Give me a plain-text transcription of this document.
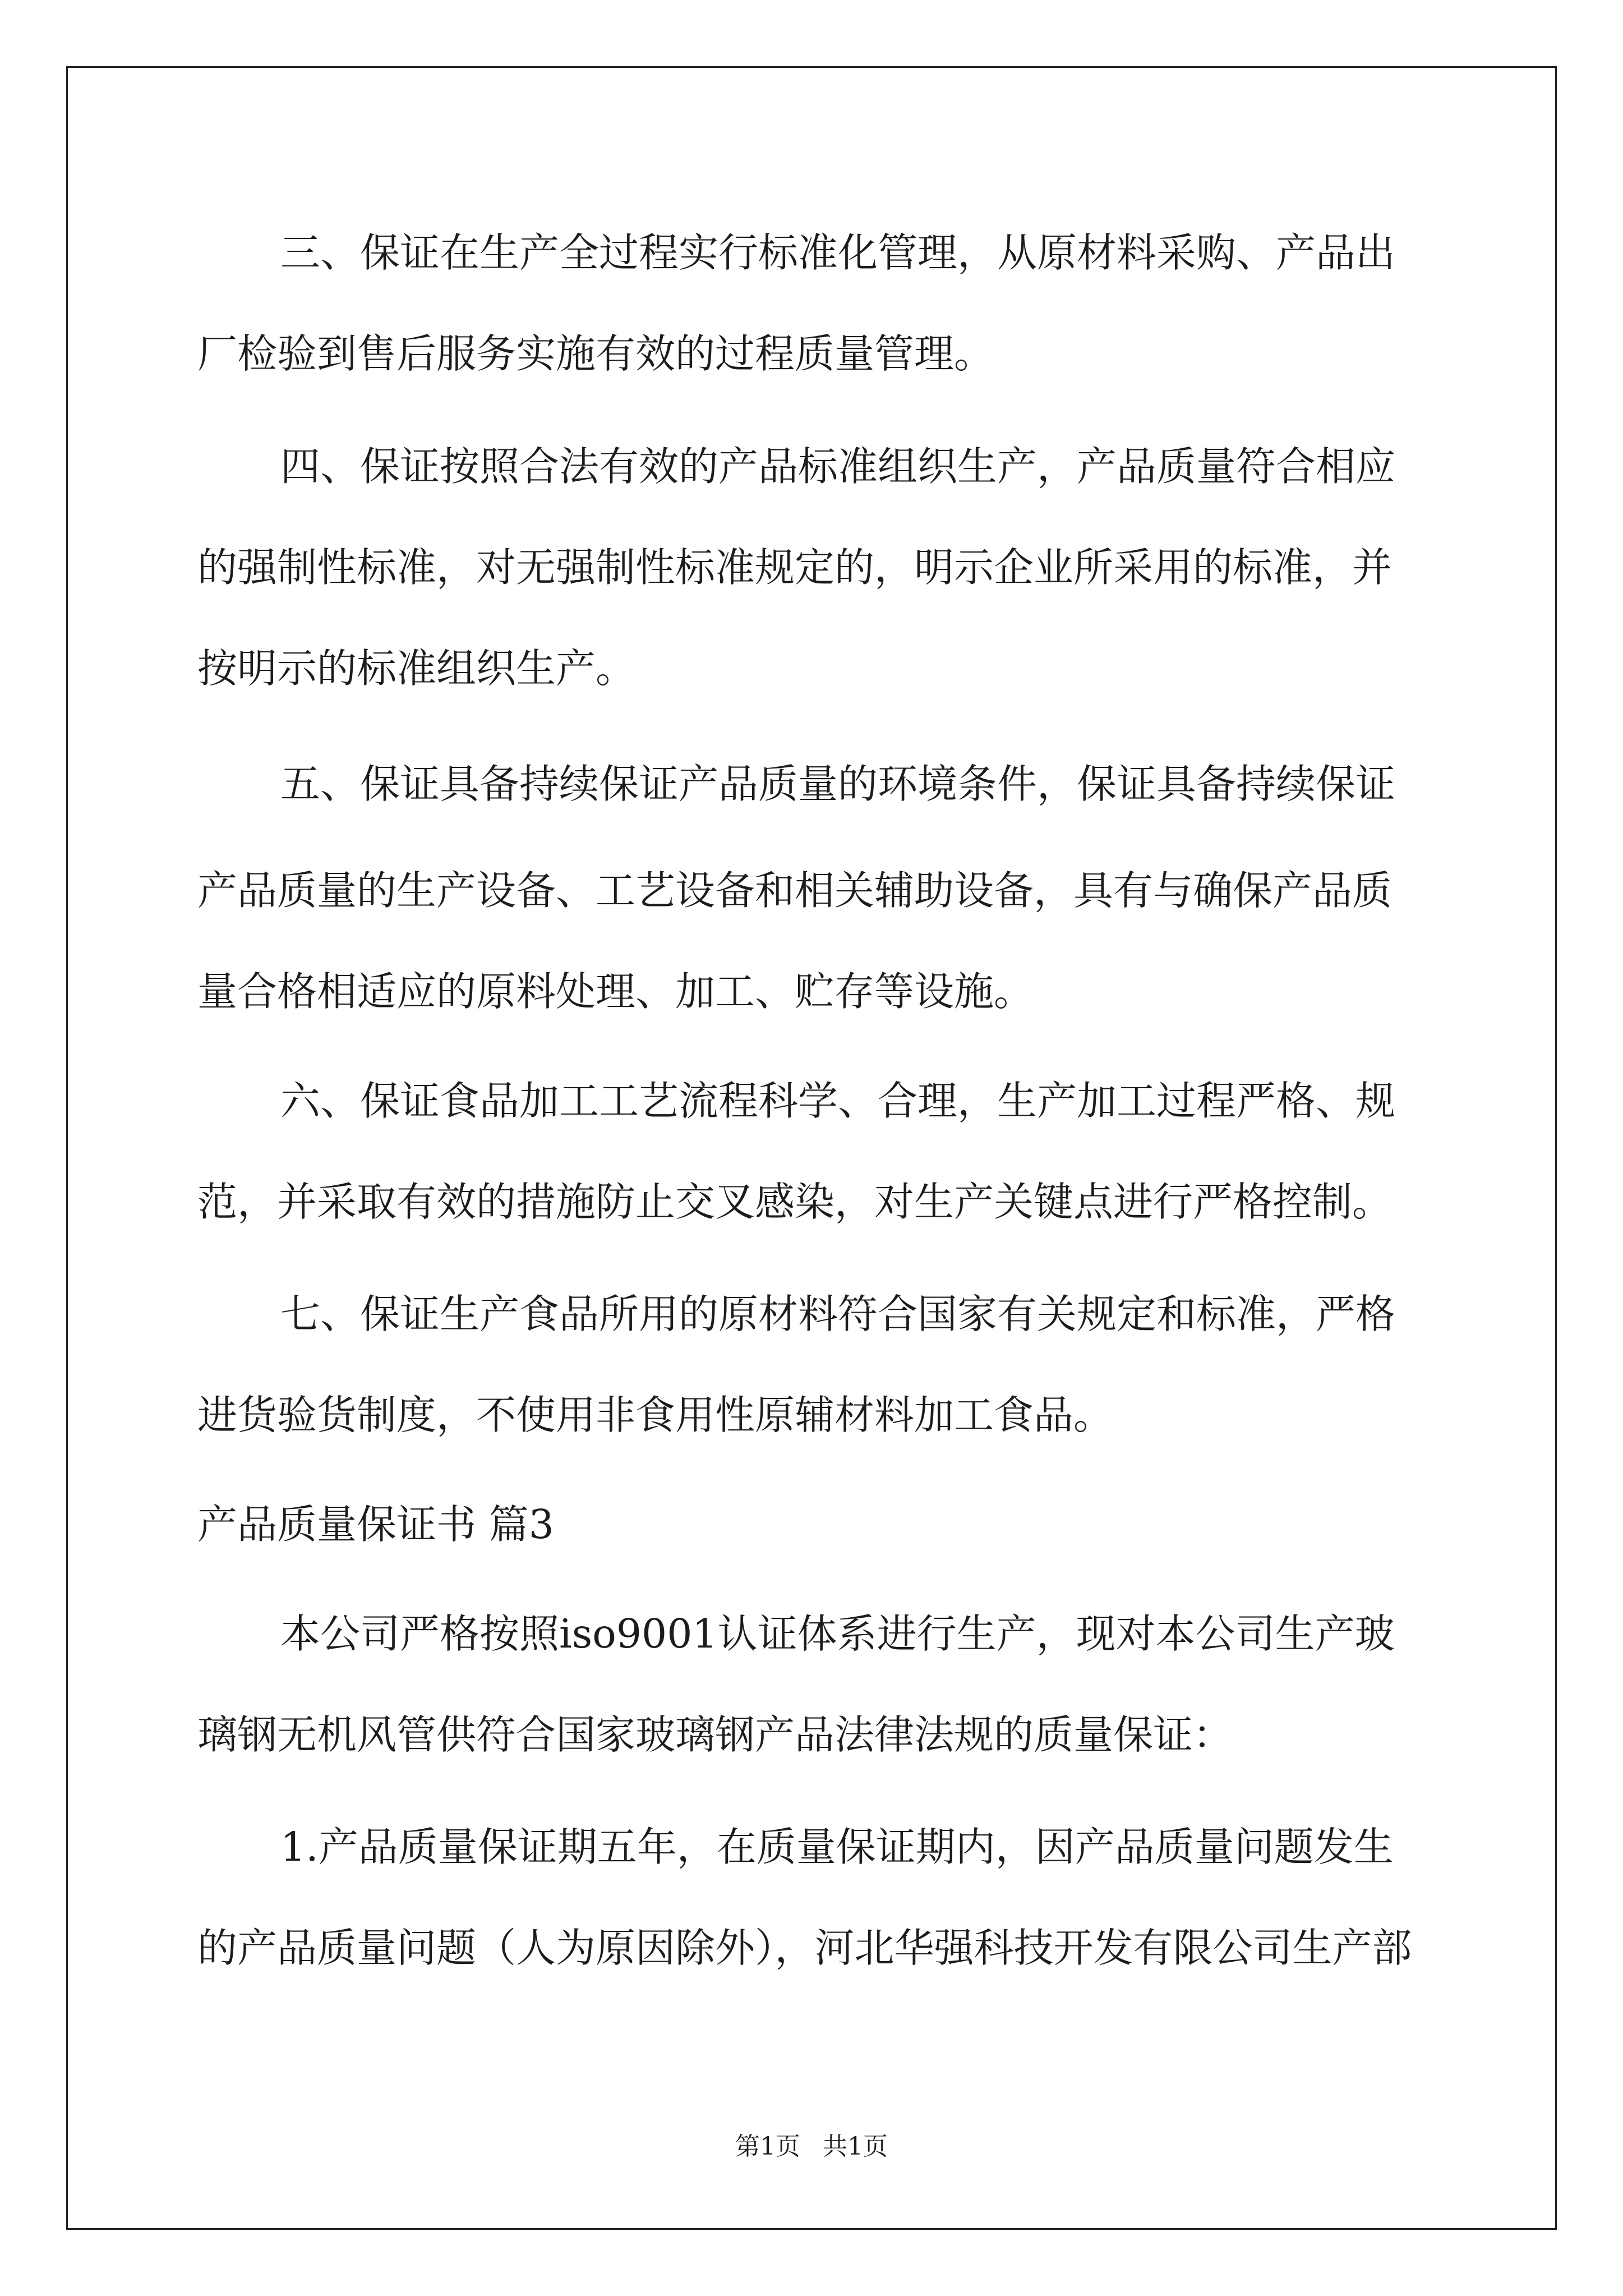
三、保证在生产全过程实行标准化管理，从原材料采购、产品出

厂检验到售后服务实施有效的过程质量管理。

四、保证按照合法有效的产品标准组织生产，产品质量符合相应

的强制性标准，对无强制性标准规定的，明示企业所采用的标准，并

按明示的标准组织生产。

五、保证具备持续保证产品质量的环境条件，保证具备持续保证

产品质量的生产设备、工艺设备和相关辅助设备，具有与确保产品质

量合格相适应的原料处理、加工、贮存等设施。

六、保证食品加工工艺流程科学、合理，生产加工过程严格、规

范，并采取有效的措施防止交叉感染，对生产关键点进行严格控制。

七、保证生产食品所用的原材料符合国家有关规定和标准，严格

进货验货制度，不使用非食用性原辅材料加工食品。

产品质量保证书 篇3

本公司严格按照iso9001认证体系进行生产，现对本公司生产玻

璃钢无机风管供符合国家玻璃钢产品法律法规的质量保证：

1.产品质量保证期五年，在质量保证期内，因产品质量问题发生

的产品质量问题（人为原因除外），河北华强科技开发有限公司生产部

第1页 共1页
